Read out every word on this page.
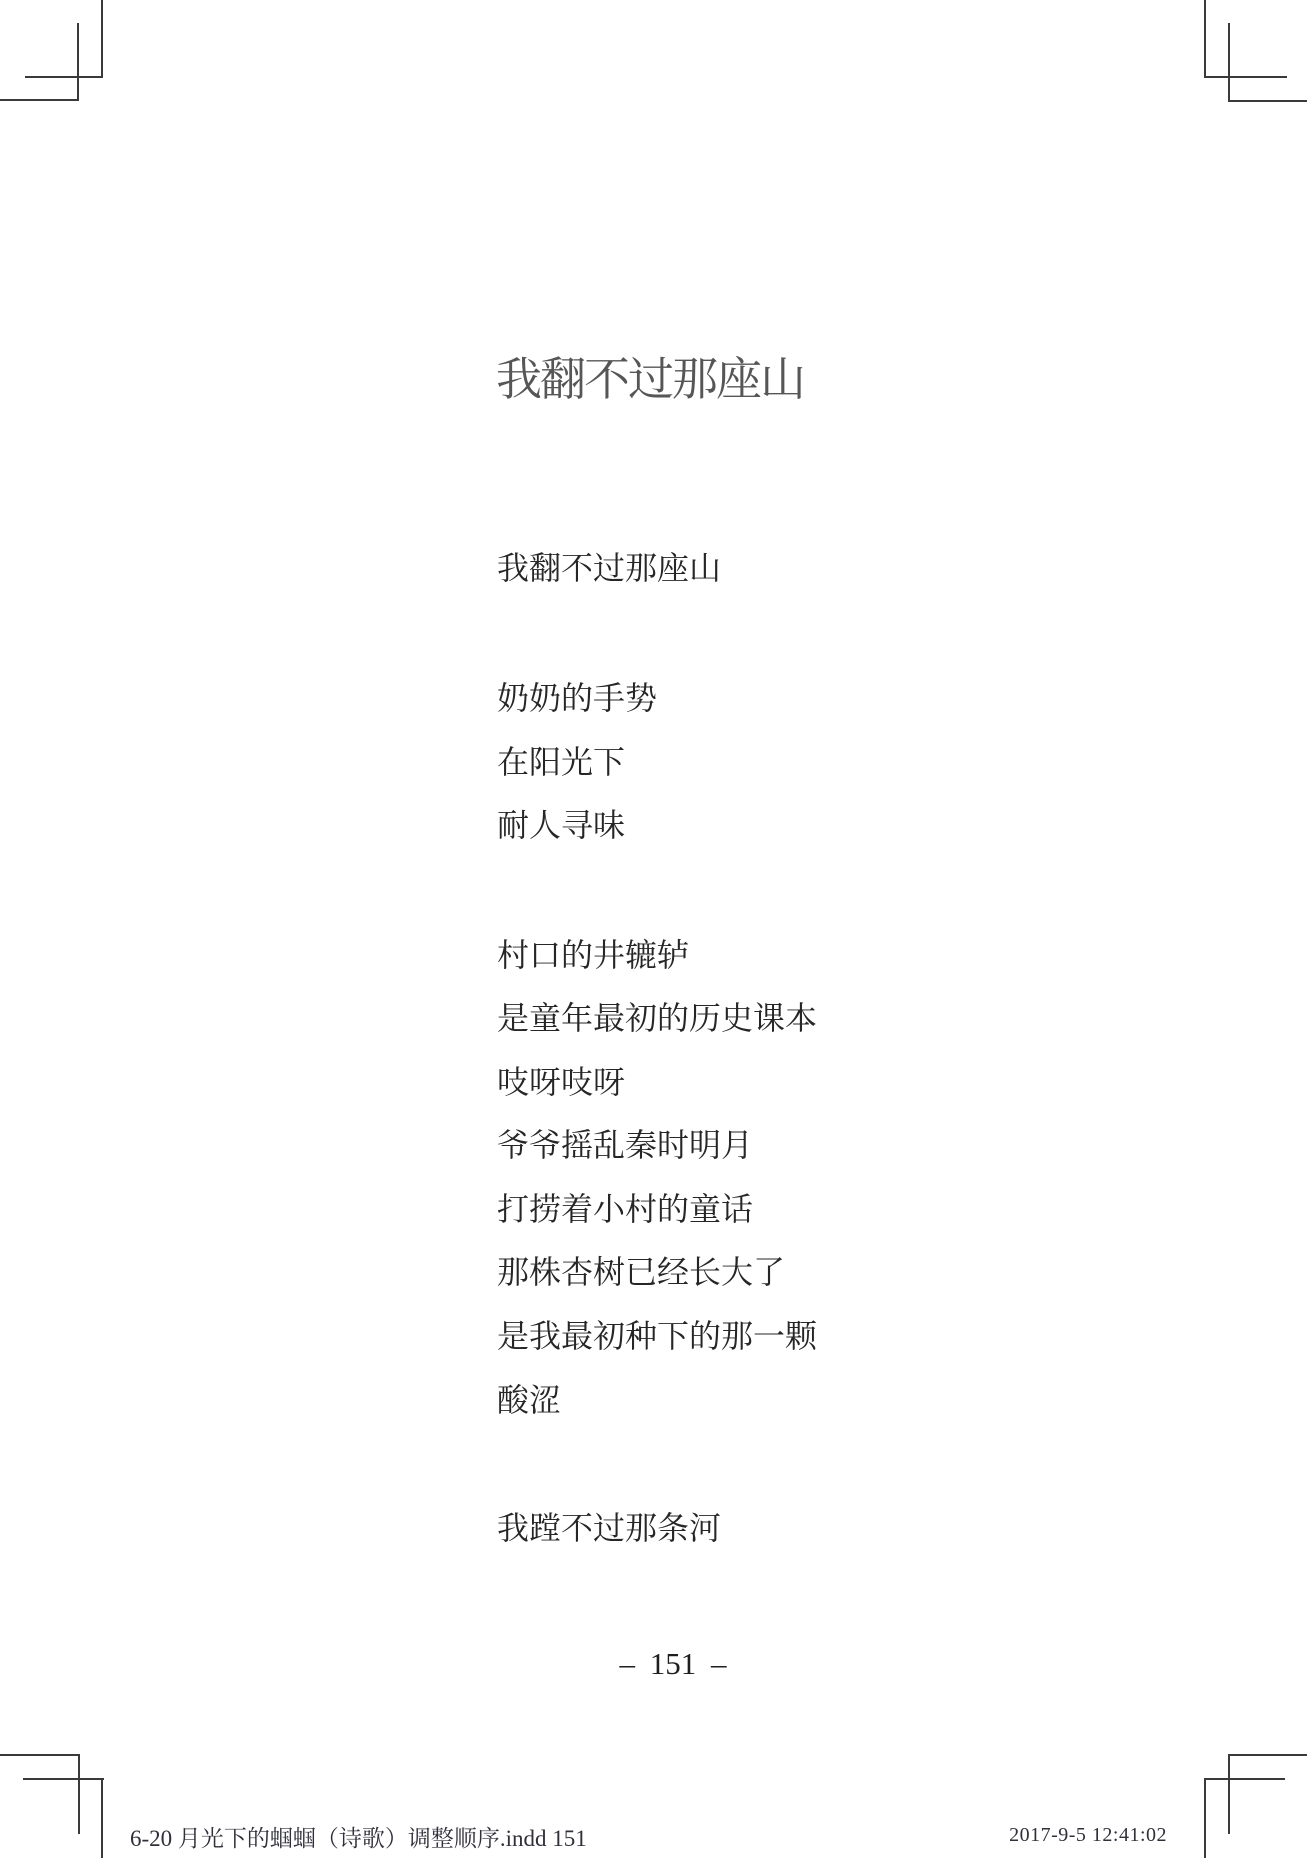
我翻不过那座山
我翻不过那座山
奶奶的手势
在阳光下
耐人寻味
村口的井辘轳
是童年最初的历史课本
吱呀吱呀
爷爷摇乱秦时明月
打捞着小村的童话
那株杏树已经长大了
是我最初种下的那一颗
酸涩
我蹚不过那条河
– 151 –
6-20 月光下的蝈蝈（诗歌）调整顺序.indd 151	2017-9-5 12:41:02
